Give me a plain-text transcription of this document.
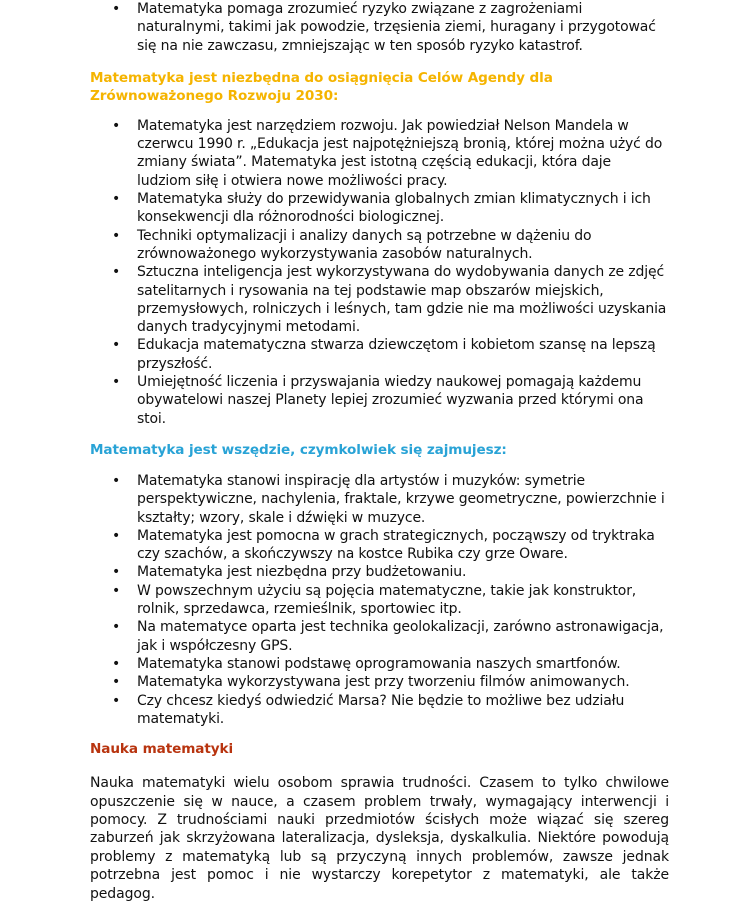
• Matematyka pomaga zrozumieć ryzyko związane z zagrożeniami naturalnymi, takimi jak powodzie, trzęsienia ziemi, huragany i przygotować się na nie zawczasu, zmniejszając w ten sposób ryzyko katastrof.
Matematyka jest niezbędna do osiągnięcia Celów Agendy dla Zrównoważonego Rozwoju 2030:
• Matematyka jest narzędziem rozwoju. Jak powiedział Nelson Mandela w czerwcu 1990 r. „Edukacja jest najpotężniejszą bronią, której można użyć do zmiany świata”. Matematyka jest istotną częścią edukacji, która daje ludziom siłę i otwiera nowe możliwości pracy.
• Matematyka służy do przewidywania globalnych zmian klimatycznych i ich konsekwencji dla różnorodności biologicznej.
• Techniki optymalizacji i analizy danych są potrzebne w dążeniu do zrównoważonego wykorzystywania zasobów naturalnych.
• Sztuczna inteligencja jest wykorzystywana do wydobywania danych ze zdjęć satelitarnych i rysowania na tej podstawie map obszarów miejskich, przemysłowych, rolniczych i leśnych, tam gdzie nie ma możliwości uzyskania danych tradycyjnymi metodami.
• Edukacja matematyczna stwarza dziewczętom i kobietom szansę na lepszą przyszłość.
• Umiejętność liczenia i przyswajania wiedzy naukowej pomagają każdemu obywatelowi naszej Planety lepiej zrozumieć wyzwania przed którymi ona stoi.
Matematyka jest wszędzie, czymkolwiek się zajmujesz:
• Matematyka stanowi inspirację dla artystów i muzyków: symetrie perspektywiczne, nachylenia, fraktale, krzywe geometryczne, powierzchnie i kształty; wzory, skale i dźwięki w muzyce.
• Matematyka jest pomocna w grach strategicznych, począwszy od tryktraka czy szachów, a skończywszy na kostce Rubika czy grze Oware.
• Matematyka jest niezbędna przy budżetowaniu.
• W powszechnym użyciu są pojęcia matematyczne, takie jak konstruktor, rolnik, sprzedawca, rzemieślnik, sportowiec itp.
• Na matematyce oparta jest technika geolokalizacji, zarówno astronawigacja, jak i współczesny GPS.
• Matematyka stanowi podstawę oprogramowania naszych smartfonów.
• Matematyka wykorzystywana jest przy tworzeniu filmów animowanych.
• Czy chcesz kiedyś odwiedzić Marsa? Nie będzie to możliwe bez udziału matematyki.
Nauka matematyki

Nauka matematyki wielu osobom sprawia trudności. Czasem to tylko chwilowe opuszczenie się w nauce, a czasem problem trwały, wymagający interwencji i pomocy. Z trudnościami nauki przedmiotów ścisłych może wiązać się szereg zaburzeń jak skrzyżowana lateralizacja, dysleksja, dyskalkulia. Niektóre powodują problemy z matematyką lub są przyczyną innych problemów, zawsze jednak potrzebna jest pomoc i nie wystarczy korepetytor z matematyki, ale także pedagog.
